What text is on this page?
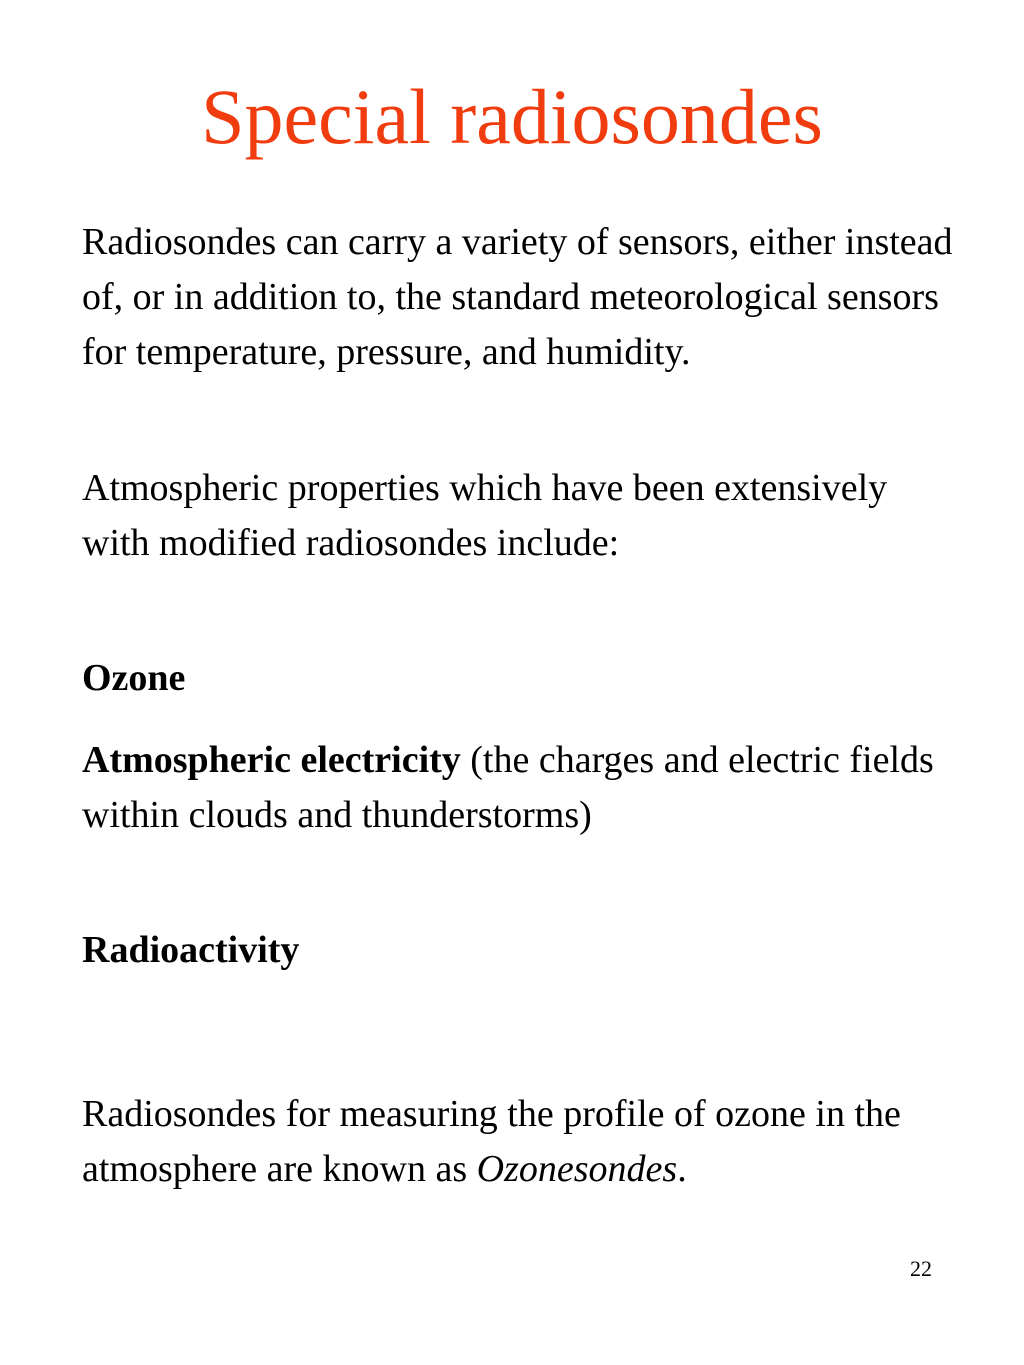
Special radiosondes

Radiosondes can carry a variety of sensors, either instead of, or in addition to, the standard meteorological sensors for temperature, pressure, and humidity.

Atmospheric properties which have been extensively with modified radiosondes include:

Ozone

Atmospheric electricity (the charges and electric fields within clouds and thunderstorms)

Radioactivity

Radiosondes for measuring the profile of ozone in the atmosphere are known as Ozonesondes.

22
